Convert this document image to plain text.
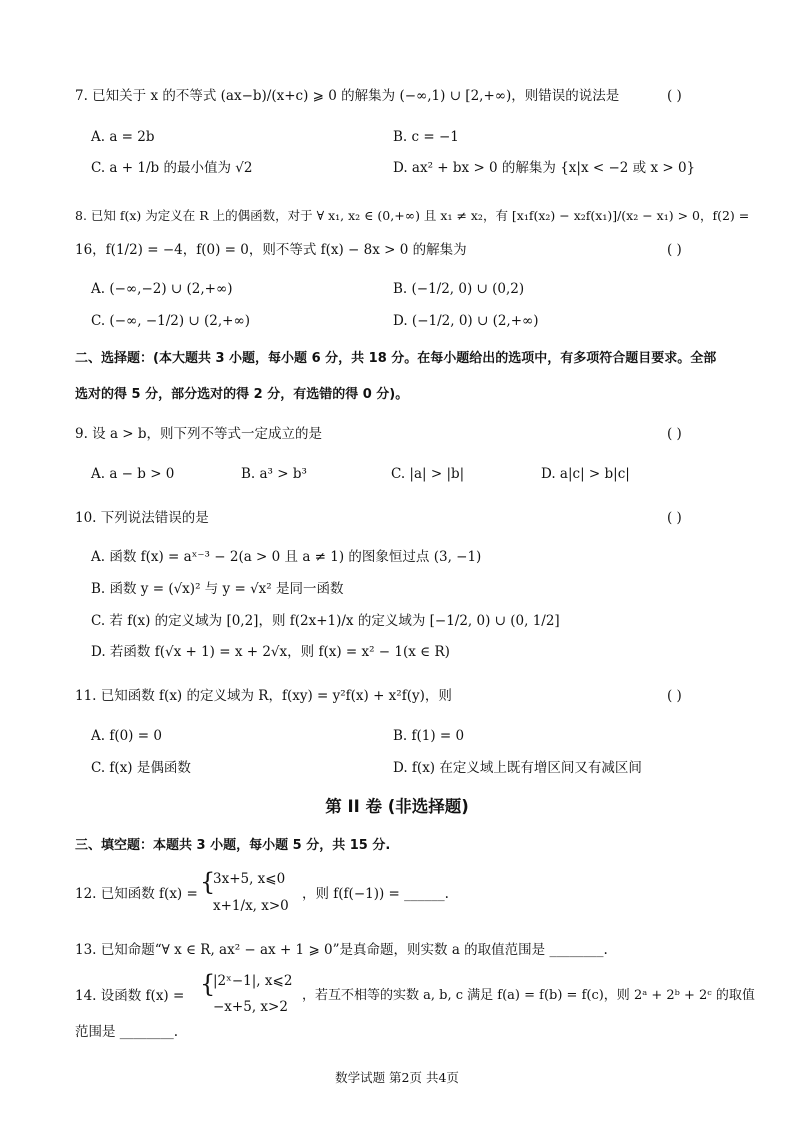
7. 已知关于 x 的不等式 (ax−b)/(x+c) ⩾ 0 的解集为 (−∞,1) ∪ [2,+∞)，则错误的说法是	( )
A. a = 2b	B. c = −1
C. a + 1/b 的最小值为 √2	D. ax² + bx > 0 的解集为 {x|x < −2 或 x > 0}
8. 已知 f(x) 为定义在 R 上的偶函数，对于 ∀ x₁, x₂ ∈ (0,+∞) 且 x₁ ≠ x₂，有 [x₁f(x₂) − x₂f(x₁)]/(x₂ − x₁) > 0，f(2) =
16，f(1/2) = −4，f(0) = 0，则不等式 f(x) − 8x > 0 的解集为	( )
A. (−∞,−2) ∪ (2,+∞)	B. (−1/2, 0) ∪ (0,2)
C. (−∞, −1/2) ∪ (2,+∞)	D. (−1/2, 0) ∪ (2,+∞)
二、选择题：(本大题共 3 小题，每小题 6 分，共 18 分。在每小题给出的选项中，有多项符合题目要求。全部
选对的得 5 分，部分选对的得 2 分，有选错的得 0 分)。
9. 设 a > b，则下列不等式一定成立的是	( )
A. a − b > 0	B. a³ > b³	C. |a| > |b|	D. a|c| > b|c|
10. 下列说法错误的是	( )
A. 函数 f(x) = aˣ⁻³ − 2(a > 0 且 a ≠ 1) 的图象恒过点 (3, −1)
B. 函数 y = (√x)² 与 y = √x² 是同一函数
C. 若 f(x) 的定义域为 [0,2]，则 f(2x+1)/x 的定义域为 [−1/2, 0) ∪ (0, 1/2]
D. 若函数 f(√x + 1) = x + 2√x，则 f(x) = x² − 1(x ∈ R)
11. 已知函数 f(x) 的定义域为 R，f(xy) = y²f(x) + x²f(y)，则	( )
A. f(0) = 0	B. f(1) = 0
C. f(x) 是偶函数	D. f(x) 在定义域上既有增区间又有减区间
第 II 卷 (非选择题)
三、填空题：本题共 3 小题，每小题 5 分，共 15 分.
12. 已知函数 f(x) = {
3x+5, x⩽0
x+1/x, x>0
，则 f(f(−1)) = ______.
13. 已知命题“∀ x ∈ R, ax² − ax + 1 ⩾ 0”是真命题，则实数 a 的取值范围是 ________.
14. 设函数 f(x) = {
|2ˣ−1|, x⩽2
−x+5, x>2
，若互不相等的实数 a, b, c 满足 f(a) = f(b) = f(c)，则 2ᵃ + 2ᵇ + 2ᶜ 的取值
范围是 ________.
数学试题 第2页 共4页
